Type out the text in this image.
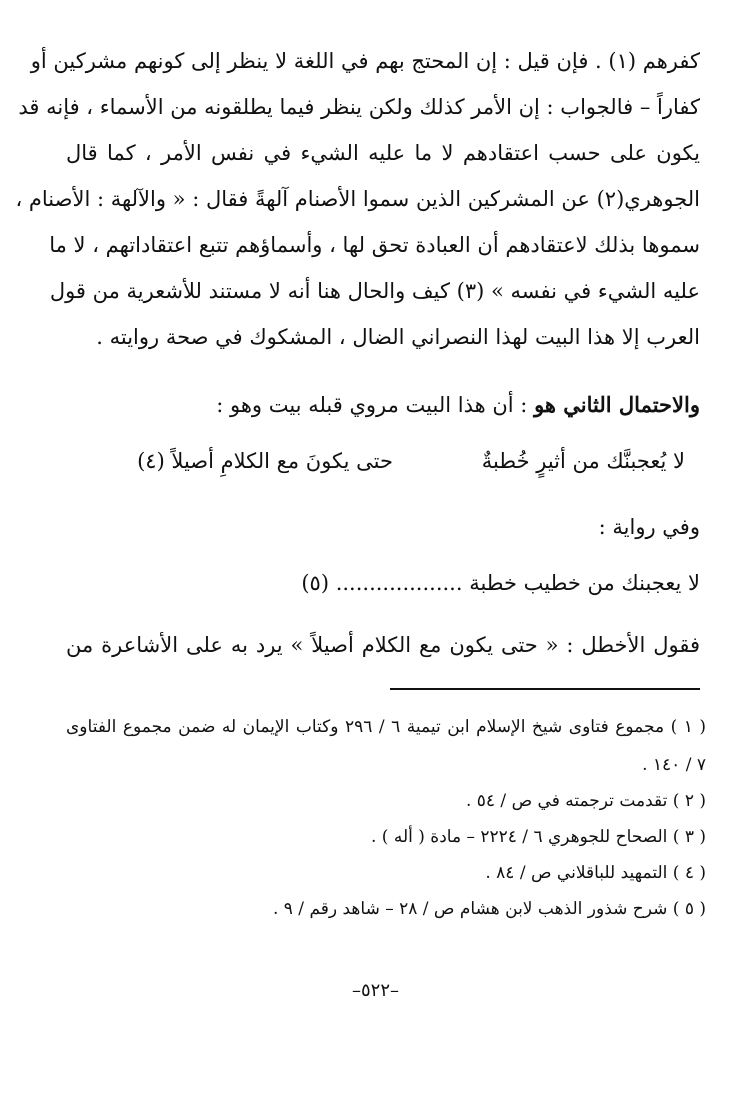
كفرهم (١) . فإن قيل : إن المحتج بهم في اللغة لا ينظر إلى كونهم مشركين أو
كفاراً – فالجواب : إن الأمر كذلك ولكن ينظر فيما يطلقونه من الأسماء ، فإنه قد
يكون على حسب اعتقادهم لا ما عليه الشيء في نفس الأمر ، كما قال
الجوهري(٢) عن المشركين الذين سموا الأصنام آلهةً فقال : « والآلهة : الأصنام ،
سموها بذلك لاعتقادهم أن العبادة تحق لها ، وأسماؤهم تتبع اعتقاداتهم ، لا ما
عليه الشيء في نفسه » (٣) كيف والحال هنا أنه لا مستند للأشعرية من قول
العرب إلا هذا البيت لهذا النصراني الضال ، المشكوك في صحة روايته .
والاحتمال الثاني هو : أن هذا البيت مروي قبله بيت وهو :
لا يُعجبنَّك من أثيرٍ خُطبةٌ
حتى يكونَ مع الكلامِ أصيلاً (٤)
وفي رواية :
لا يعجبنك من خطيب خطبة ................... (٥)
فقول الأخطل : « حتى يكون مع الكلام أصيلاً » يرد به على الأشاعرة من
( ١ ) مجموع فتاوى شيخ الإسلام ابن تيمية ٦ / ٢٩٦ وكتاب الإيمان له ضمن مجموع الفتاوى
٧ / ١٤٠ .
( ٢ ) تقدمت ترجمته في ص / ٥٤ .
( ٣ ) الصحاح للجوهري ٦ / ٢٢٢٤ – مادة ( أله ) .
( ٤ ) التمهيد للباقلاني ص / ٨٤ .
( ٥ ) شرح شذور الذهب لابن هشام ص / ٢٨ – شاهد رقم / ٩ .
–٥٢٢–
